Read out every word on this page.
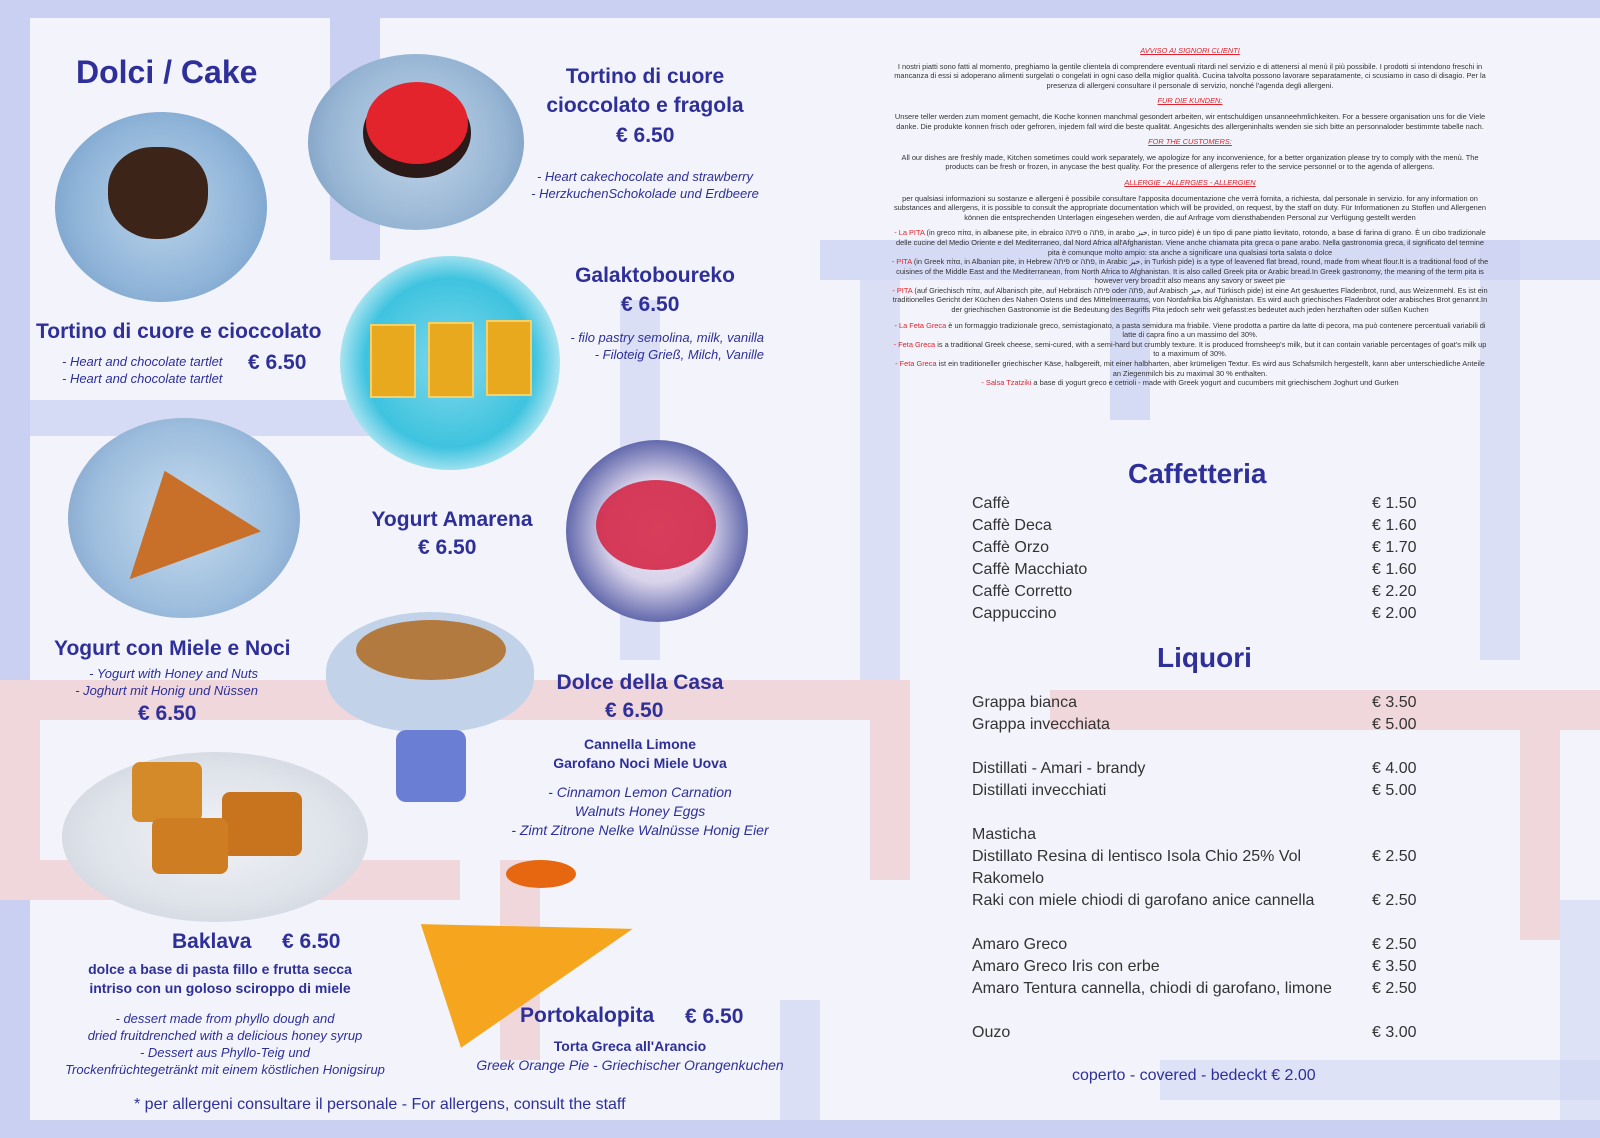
Dolci / Cake	Tortino di cuore
cioccolato e fragola
€ 6.50
- Heart cakechocolate and strawberry
- HerzkuchenSchokolade und Erdbeere
Tortino di cuore e cioccolato
- Heart and chocolate tartlet
- Heart and chocolate tartlet
€ 6.50
Galaktoboureko
€ 6.50
- filo pastry semolina, milk, vanilla
- Filoteig Grieß, Milch, Vanille
Yogurt Amarena
€ 6.50
Yogurt con Miele e Noci
- Yogurt with Honey and Nuts
- Joghurt mit Honig und Nüssen
€ 6.50
Dolce della Casa
€ 6.50
Cannella Limone
Garofano Noci Miele Uova
- Cinnamon Lemon Carnation
Walnuts Honey Eggs
- Zimt Zitrone Nelke Walnüsse Honig Eier
Baklava € 6.50
dolce a base di pasta fillo e frutta secca
intriso con un goloso sciroppo di miele
- dessert made from phyllo dough and
dried fruitdrenched with a delicious honey syrup
- Dessert aus Phyllo-Teig und
Trockenfrüchtegetränkt mit einem köstlichen Honigsirup
Portokalopita € 6.50
Torta Greca all'Arancio
Greek Orange Pie - Griechischer Orangenkuchen
* per allergeni consultare il personale - For allergens, consult the staff

AVVISO AI SIGNORI CLIENTI

I nostri piatti sono fatti al momento, preghiamo la gentile clientela di comprendere eventuali ritardi nel servizio e di attenersi al menù il più possibile. I prodotti si intendono freschi in mancanza di essi si adoperano alimenti surgelati o congelati in ogni caso della miglior qualità. Cucina talvolta possono lavorare separatamente, ci scusiamo in caso di disagio. Per la presenza di allergeni consultare il personale di servizio, nonché l'agenda degli allergeni.

FUR DIE KUNDEN:

Unsere teller werden zum moment gemacht, die Koche konnen manchmal gesondert arbeiten, wir entschuldigen unsanneehmlichkeiten. For a bessere organisation uns for die Viele danke. Die produkte konnen frisch oder gefroren, injedem fall wird die beste qualität. Angesichts des allergeninhalts wenden sie sich bitte an personnaloder bestimmte tabelle nach.

FOR THE CUSTOMERS:

All our dishes are freshly made, Kitchen sometimes could work separately, we apologize for any inconvenience, for a better organization please try to comply with the menù. The products can be fresh or frozen, in anycase the best quality. For the presence of allergens refer to the service personnel or to the agenda of allergens.

ALLERGIE - ALLERGIES - ALLERGIEN

per qualsiasi informazioni su sostanze e allergeni è possibile consultare l'apposita documentazione che verrà fornita, a richiesta, dal personale in servizio. for any information on substances and allergens, it is possible to consult the appropriate documentation which will be provided, on request, by the staff on duty. Für Informationen zu Stoffen und Allergenen können die entsprechenden Unterlagen eingesehen werden, die auf Anfrage vom diensthabenden Personal zur Verfügung gestellt werden

- La PITA (in greco πίτα, in albanese pite, in ebraico פיתה o פתה, in arabo خبز, in turco pide) è un tipo di pane piatto lievitato, rotondo, a base di farina di grano. È un cibo tradizionale delle cucine del Medio Oriente e del Mediterraneo, dal Nord Africa all'Afghanistan. Viene anche chiamata pita greca o pane arabo. Nella gastronomia greca, il significato del termine pita è comunque molto ampio: sta anche a significare una qualsiasi torta salata o dolce
- PITA (in Greek πίτα, in Albanian pite, in Hebrew פיתה or פתה, in Arabic خبز, in Turkish pide) is a type of leavened flat bread, round, made from wheat flour.It is a traditional food of the cuisines of the Middle East and the Mediterranean, from North Africa to Afghanistan. It is also called Greek pita or Arabic bread.In Greek gastronomy, the meaning of the term pita is however very broad:it also means any savory or sweet pie
- PITA (auf Griechisch πίτα, auf Albanisch pite, auf Hebräisch פיתה oder פתה, auf Arabisch خبز, auf Türkisch pide) ist eine Art gesäuertes Fladenbrot, rund, aus Weizenmehl. Es ist ein traditionelles Gericht der Küchen des Nahen Ostens und des Mittelmeerraums, von Nordafrika bis Afghanistan. Es wird auch griechisches Fladenbrot oder arabisches Brot genannt.In der griechischen Gastronomie ist die Bedeutung des Begriffs Pita jedoch sehr weit gefasst:es bedeutet auch jeden herzhaften oder süßen Kuchen

- La Feta Greca è un formaggio tradizionale greco, semistagionato, a pasta semidura ma friabile. Viene prodotta a partire da latte di pecora, ma può contenere percentuali variabili di latte di capra fino a un massimo del 30%.
- Feta Greca is a traditional Greek cheese, semi-cured, with a semi-hard but crumbly texture. It is produced fromsheep's milk, but it can contain variable percentages of goat's milk up to a maximum of 30%.
- Feta Greca ist ein traditioneller griechischer Käse, halbgereift, mit einer halbharten, aber krümeligen Textur. Es wird aus Schafsmilch hergestellt, kann aber unterschiedliche Anteile an Ziegenmilch bis zu maximal 30 % enthalten.
- Salsa Tzatziki a base di yogurt greco e cetrioli - made with Greek yogurt and cucumbers mit griechischem Joghurt und Gurken

Caffetteria
Caffè	€ 1.50
Caffè Deca	€ 1.60
Caffè Orzo	€ 1.70
Caffè Macchiato	€ 1.60
Caffè Corretto	€ 2.20
Cappuccino	€ 2.00
Liquori
Grappa bianca	€ 3.50
Grappa invecchiata	€ 5.00
Distillati - Amari - brandy	€ 4.00
Distillati invecchiati	€ 5.00
Masticha
Distillato Resina di lentisco Isola Chio 25% Vol	€ 2.50
Rakomelo
Raki con miele chiodi di garofano anice cannella	€ 2.50
Amaro Greco	€ 2.50
Amaro Greco Iris con erbe	€ 3.50
Amaro Tentura cannella, chiodi di garofano, limone	€ 2.50
Ouzo	€ 3.00
coperto - covered - bedeckt € 2.00
